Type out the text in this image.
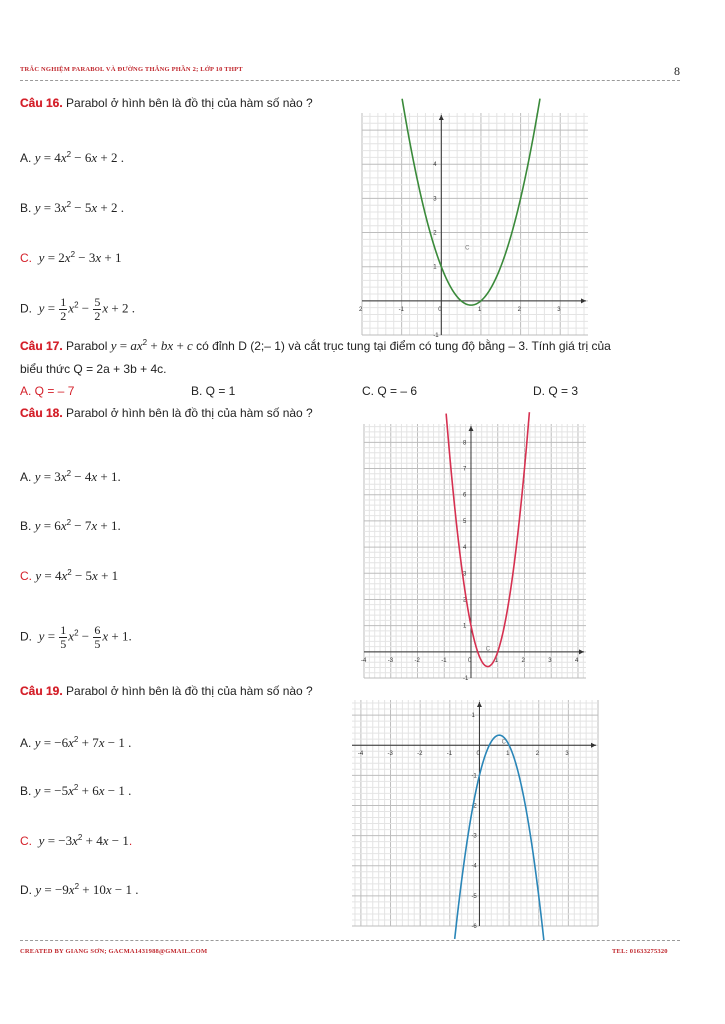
TRẮC NGHIỆM PARABOL VÀ ĐƯỜNG THẲNG PHẦN 2; LỚP 10 THPT	8
Câu 16. Parabol ở hình bên là đồ thị của hàm số nào ?
A. $y = 4x^2 - 6x + 2$ .
B. $y = 3x^2 - 5x + 2$ .
C. $y = 2x^2 - 3x + 1$
D. $y = \frac{1}{2} x^2 - \frac{5}{2}$ x + 2 .	2	-1	0	1	2	3
1
2
3
4
-1
C
Câu 17. Parabol $y = ax^2$ + bx + c có đỉnh D (2;– 1) và cắt trục tung tại điểm có tung độ bằng – 3. Tính giá trị của
biểu thức Q = 2a + 3b + 4c.
A. Q = – 7	B. Q = 1	C. Q = – 6	D. Q = 3
Câu 18. Parabol ở hình bên là đồ thị của hàm số nào ?
A. $y = 3x^2 - 4x + 1$.
B. $y = 6x^2 - 7x + 1$.
C. $y = 4x^2 - 5x + 1$
D. $y = \frac{1}{5} x^2 - \frac{6}{5}$ x + 1.
-4	-3	-2	-1	0	1	2	3	4
1
2
3
4
5
6
7
8
-1
C
Câu 19. Parabol ở hình bên là đồ thị của hàm số nào ?
A. $y = -6x^2 + 7x - 1$ .
B. $y = -5x^2 + 6x - 1$ .
C. $y = -3x^2 + 4x - 1$.
D. $y = -9x^2 + 10x - 1$ .
-4	-3	-2	-1	0	1	2	3
1
-1
-2
-3
-4
-5
-6
C
CREATED BY GIANG SƠN; GACMA1431988@GMAIL.COM	TEL: 01633275320
